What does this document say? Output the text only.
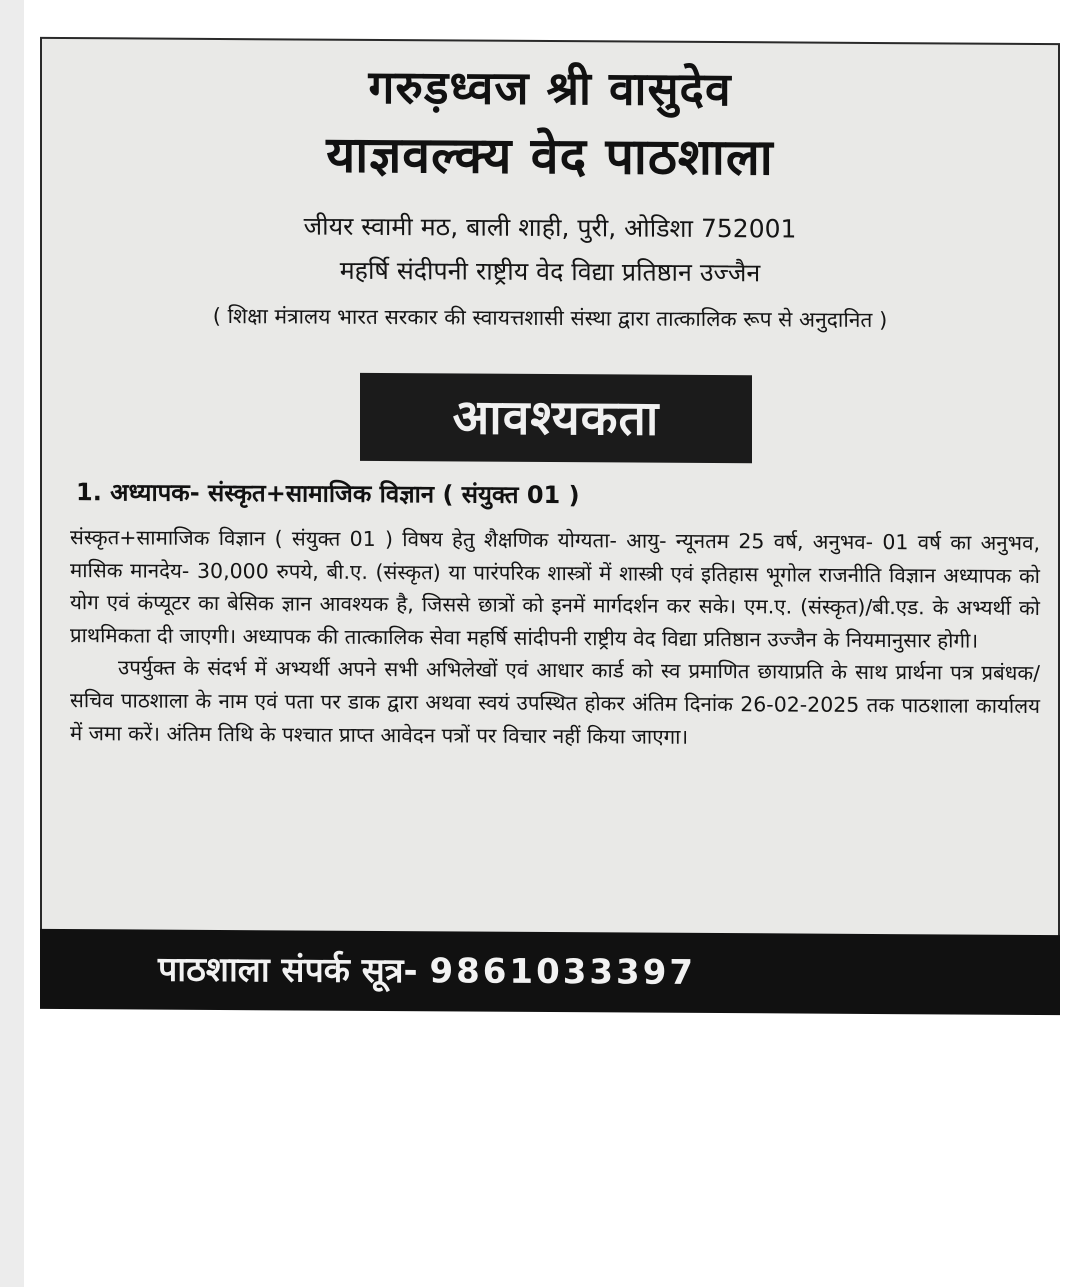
गरुड़ध्वज श्री वासुदेव
याज्ञवल्क्य वेद पाठशाला
जीयर स्वामी मठ, बाली शाही, पुरी, ओडिशा 752001
महर्षि संदीपनी राष्ट्रीय वेद विद्या प्रतिष्ठान उज्जैन
( शिक्षा मंत्रालय भारत सरकार की स्वायत्तशासी संस्था द्वारा तात्कालिक रूप से अनुदानित )
आवश्यकता
1. अध्यापक- संस्कृत+सामाजिक विज्ञान ( संयुक्त 01 )

संस्कृत+सामाजिक विज्ञान ( संयुक्त 01 ) विषय हेतु शैक्षणिक योग्यता- आयु- न्यूनतम 25 वर्ष, अनुभव- 01 वर्ष का अनुभव, मासिक मानदेय- 30,000 रुपये, बी.ए. (संस्कृत) या पारंपरिक शास्त्रों में शास्त्री एवं इतिहास भूगोल राजनीति विज्ञान अध्यापक को योग एवं कंप्यूटर का बेसिक ज्ञान आवश्यक है, जिससे छात्रों को इनमें मार्गदर्शन कर सके। एम.ए. (संस्कृत)/बी.एड. के अभ्यर्थी को प्राथमिकता दी जाएगी। अध्यापक की तात्कालिक सेवा महर्षि सांदीपनी राष्ट्रीय वेद विद्या प्रतिष्ठान उज्जैन के नियमानुसार होगी।

उपर्युक्त के संदर्भ में अभ्यर्थी अपने सभी अभिलेखों एवं आधार कार्ड को स्व प्रमाणित छायाप्रति के साथ प्रार्थना पत्र प्रबंधक/ सचिव पाठशाला के नाम एवं पता पर डाक द्वारा अथवा स्वयं उपस्थित होकर अंतिम दिनांक 26-02-2025 तक पाठशाला कार्यालय में जमा करें। अंतिम तिथि के पश्चात प्राप्त आवेदन पत्रों पर विचार नहीं किया जाएगा।

पाठशाला संपर्क सूत्र- 9861033397
